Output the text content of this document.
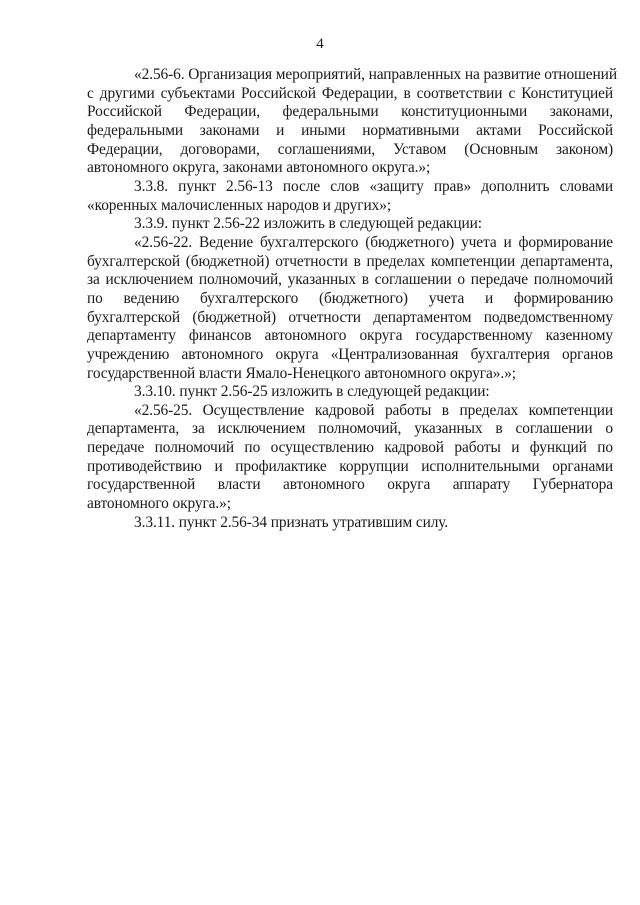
4

«2.56-6. Организация мероприятий, направленных на развитие отношений
с другими субъектами Российской Федерации, в соответствии с Конституцией
Российской Федерации, федеральными конституционными законами,
федеральными законами и иными нормативными актами Российской
Федерации, договорами, соглашениями, Уставом (Основным законом)
автономного округа, законами автономного округа.»;

3.3.8. пункт 2.56-13 после слов «защиту прав» дополнить словами
«коренных малочисленных народов и других»;

3.3.9. пункт 2.56-22 изложить в следующей редакции:

«2.56-22. Ведение бухгалтерского (бюджетного) учета и формирование
бухгалтерской (бюджетной) отчетности в пределах компетенции департамента,
за исключением полномочий, указанных в соглашении о передаче полномочий
по ведению бухгалтерского (бюджетного) учета и формированию
бухгалтерской (бюджетной) отчетности департаментом подведомственному
департаменту финансов автономного округа государственному казенному
учреждению автономного округа «Централизованная бухгалтерия органов
государственной власти Ямало-Ненецкого автономного округа».»;

3.3.10. пункт 2.56-25 изложить в следующей редакции:

«2.56-25. Осуществление кадровой работы в пределах компетенции
департамента, за исключением полномочий, указанных в соглашении о
передаче полномочий по осуществлению кадровой работы и функций по
противодействию и профилактике коррупции исполнительными органами
государственной власти автономного округа аппарату Губернатора
автономного округа.»;

3.3.11. пункт 2.56-34 признать утратившим силу.
